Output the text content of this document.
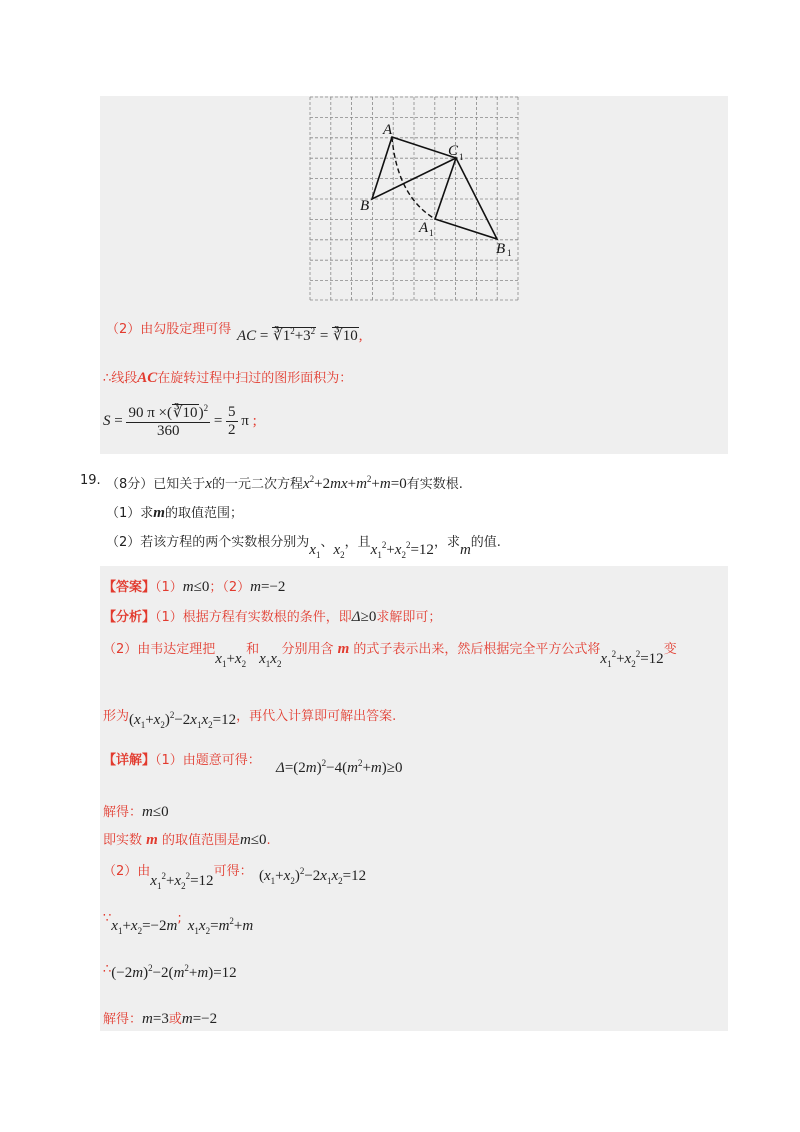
A
B
C 1
A 1
B 1
（2）由勾股定理可得 AC = $∛1^2+3^2$ = ∛10,
∴线段AC在旋转过程中扫过的图形面积为：
$S = \frac{90 \pi \times(∛10)^2}{360} = \frac{5}{2}$ π ;
19. （8分）已知关于x的一元二次方程$x^2+2mx+m^2+m=0$有实数根.
（1）求m的取值范围；
（2）若该方程的两个实数根分别为$x_1$、$x_2$，且$x_1^2+x_2^2=12$，求m的值.
【答案】（1）m≤0；（2）m=−2
【分析】（1）根据方程有实数根的条件，即Δ≥0求解即可；
（2）由韦达定理把$x_1+x_2$和$x_1x_2$分别用含 m 的式子表示出来，然后根据完全平方公式将$x_1^2+x_2^2=12$变
形为$(x_1+x_2)^2-2x_1x_2=12$，再代入计算即可解出答案.
【详解】（1）由题意可得： $\Delta=(2m)^2-4(m^2+m)\ge 0$
解得：m≤0
即实数 m 的取值范围是m≤0.
（2）由$x_1^2+x_2^2=12$可得： $(x_1+x_2)^2-2x_1x_2=12$
$\because x_1+x_2=-2m$; $x_1x_2=m^2+m$
$\therefore(-2m)^2-2(m^2+m)=12$
解得：m=3或m=−2
